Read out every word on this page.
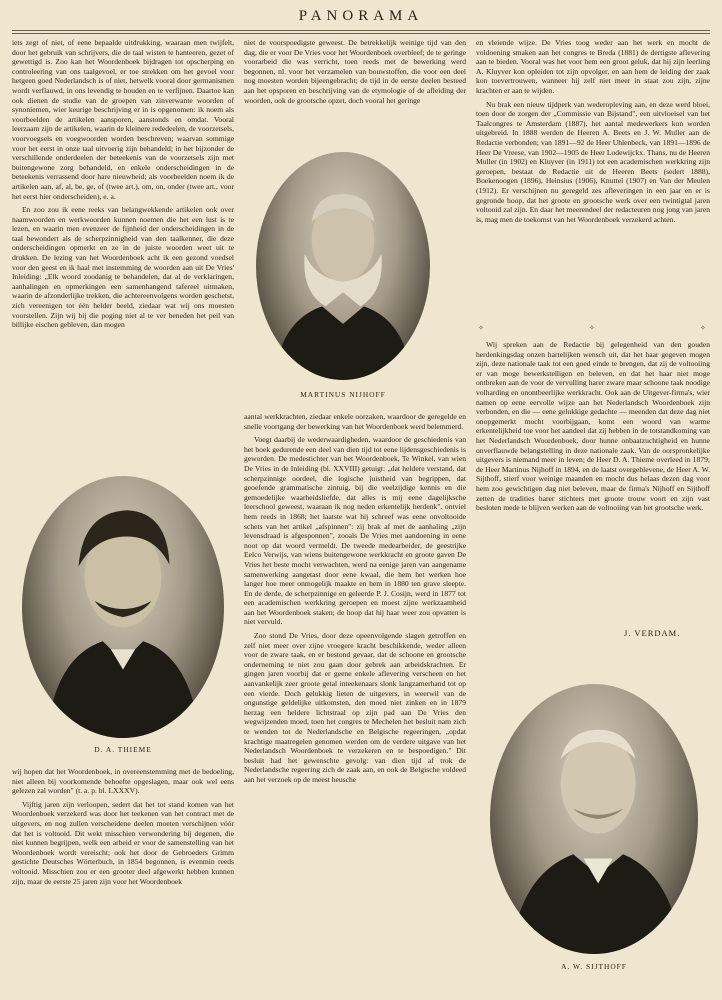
PANORAMA

iets zegt of niet, of eene bepaalde uitdrukking, waaraan men twijfelt, door het gebruik van schrijvers, die de taal wisten te hanteeren, gezet of gewettigd is. Zoo kan het Woordenboek bijdragen tot opscherping en controleering van ons taalgevoel, er toe strekken om het gevoel voor hetgeen goed Nederlandsch is of niet, hetwelk vooral door germanismen wordt verflauwd, in ons levendig te houden en te verfijnen. Daartoe kan ook dienen de studie van de groepen van zinverwante woorden of synoniemen, wier keurige beschrijving er in is opgenomen: ik noem als voorbeelden de artikelen aansporen, aanstonds en omdat. Vooral leerzaam zijn de artikelen, waarin de kleinere rededeelen, de voorzetsels, voorvoegsels en voegwoorden worden beschreven; waarvan sommige voor het eerst in onze taal uitvoerig zijn behandeld; in het bijzonder de verschillende onderdeelen der beteekenis van de voorzetsels zijn met buitengewone zorg behandeld, en enkele onderscheidingen in de beteekenis verrassend door hare nieuwheid; als voorbeelden noem ik de artikelen aan, af, al, be, ge, of (twee art.), om, on, onder (twee art., voor het eerst hier onderscheiden), e. a.

En zoo zou ik eene reeks van belangwekkende artikelen ook over naamwoorden en werkwoorden kunnen noemen die het een lust is te lezen, en waarin men evenzeer de fijnheid der onderscheidingen in de taal bewondert als de scherpzinnigheid van den taalkenner, die deze onderscheidingen opmerkt en ze in de juiste woorden weet uit te drukken. De lezing van het Woordenboek acht ik een gezond voedsel voor den geest en ik haal met instemming de woorden aan uit De Vries' Inleiding: „Elk woord zoodanig te behandelen, dat al de verklaringen, aanhalingen en opmerkingen een samenhangend tafereel uitmaken, waarin de afzonderlijke trekken, die achtereenvolgens worden geschetst, zich vereenigen tot één helder beeld, ziedaar wat wij ons moesten voorstellen. Zijn wij bij die poging niet al te ver beneden het peil van billijke eischen gebleven, dan mogen

D. A. THIEME

wij hopen dat het Woordenboek, in overeenstemming met de bedoeling, niet alleen bij voorkomende behoefte opgeslagen, maar ook wel eens gelezen zal worden" (t. a. p. bl. LXXXV).

Vijftig jaren zijn verloopen, sedert dat het tot stand komen van het Woordenboek verzekerd was door het teekenen van het contract met de uitgevers, en nog zullen verscheidene deelen moeten verschijnen vóór dat het is voltooid. Dit wekt misschien verwondering bij degenen, die niet kunnen begrijpen, welk een arbeid er voor de samenstelling van het Woordenboek wordt vereischt; ook het door de Gebroeders Grimm gestichte Deutsches Wörterbuch, in 1854 begonnen, is evenmin reeds voltooid. Misschien zou er een grooter deel afgewerkt hebben kunnen zijn, maar de eerste 25 jaren zijn voor het Woordenboek

niet de voorspoedigste geweest. De betrekkelijk weinige tijd van den dag, die er voor De Vries voor het Woordenboek overbleef; de te geringe voorarbeid die was verricht, toen reeds met de bewerking werd begonnen, nl. voor het verzamelen van bouwstoffen, die voor een deel nog moesten worden bijeengebracht; de tijd in de eerste deelen besteed aan het opsporen en beschrijving van de etymologie of de afleiding der woorden, ook de grootsche opzet, doch vooral het geringe

MARTINUS NIJHOFF

aantal werkkrachten, ziedaar enkele oorzaken, waardoor de geregelde en snelle voortgang der bewerking van het Woordenboek werd belemmerd.

Voegt daarbij de wederwaardigheden, waardoor de geschiedenis van het boek gedurende een deel van dien tijd tot eene lijdensgeschiedenis is geworden. De medestichter van het Woordenboek, Te Winkel, van wien De Vries in de Inleiding (bl. XXVIII) getuigt: „dat heldere verstand, dat scherpzinnige oordeel, die logische juistheid van begrippen, dat geoefende grammatische zintuig, bij die veelzijdige kennis en die gemoedelijke waarheidsliefde, dat alles is mij eene dagelijksche leerschool geweest, waaraan ik nog neden erkentelijk herdenk", ontviel hem reeds in 1868; het laatste wat hij schreef was eene onvoltooide schets van het artikel „afspinnen": zij brak af met de aanhaling „zijn levensdraad is afgesponnen", zooals De Vries met aandoening in eene noot op dat woord vermeldt. De tweede medearbeider, de geestrijke Eelco Verwijs, van wiens buitengewone werkkracht en groote gaven De Vries het beste mocht verwachten, werd na eenige jaren van aangename samenwerking aangetast door eene kwaal, die hem het werken hoe langer hoe meer onmogelijk maakte en hem in 1880 ten grave sleepte. En de derde, de scherpzinnige en geleerde P. J. Cosijn, werd in 1877 tot een academischen werkkring geroepen en moest zijne werkzaamheid aan het Woordenboek staken; de hoop dat hij haar weer zou opvatten is niet vervuld.

Zoo stond De Vries, door deze opeenvolgende slagen getroffen en zelf niet meer over zijne vroegere kracht beschikkende, weder alleen voor de zware taak, en er bestond gevaar, dat de schoone en grootsche onderneming te niet zou gaan door gebrek aan arbeidskrachten. Er gingen jaren voorbij dat er geene enkele aflevering verscheen en het aanvankelijk zeer groote getal inteekenaars slonk langzamerhand tot op een vierde. Doch gelukkig lieten de uitgevers, in weerwil van de ongunstige geldelijke uitkomsten, den moed niet zinken en in 1879 herzag een heldere lichtstraal op zijn pad aan De Vries den wegwijzenden moed, toen het congres te Mechelen het besluit nam zich te wenden tot de Nederlandsche en Belgische regeeringen, „opdat krachtige maatregelen genomen werden om de verdere uitgave van het Nederlandsch Woordenboek te verzekeren en te bespoedigen." Dit besluit had het gewenschte gevolg: van dien tijd af trok de Nederlandsche regeering zich de zaak aan, en ook de Belgische voldeed aan het verzoek op de meest heusche

en vleiende wijze. De Vries toog weder aan het werk en mocht de voldoening smaken aan het congres te Breda (1881) de dertigste aflevering aan te bieden. Vooral was het voor hem een groot geluk, dat hij zijn leerling A. Kluyver kon opleiden tot zijn opvolger, en aan hem de leiding der zaak kon toevertrouwen, wanneer hij zelf niet meer in staat zou zijn, zijne krachten er aan te wijden.

Nu brak een nieuw tijdperk van wederopleving aan, en deze werd bloei, toen door de zorgen der „Commissie van Bijstand", een uitvloeisel van het Taalcongres te Amsterdam (1887), het aantal medewerkers kon worden uitgebreid. In 1888 werden de Heeren A. Beets en J. W. Muller aan de Redactie verbonden; van 1891—92 de Heer Uhlenbeck, van 1891—1896 de Heer De Vreese, van 1902—1905 de Heer Lodewijckx. Thans, nu de Heeren Muller (in 1902) en Kluyver (in 1911) tot een academischen werkkring zijn geroepen, bestaat de Redactie uit de Heeren Beets (sedert 1888), Boekenoogen (1896), Heinsius (1906), Knuttel (1907) en Van der Meulen (1912). Er verschijnen nu geregeld zes afleveringen in een jaar en er is gegronde hoop, dat het groote en grootsche werk over een twintigtal jaren voltooid zal zijn. En daar het meerendeel der redacteuren nog jong van jaren is, mag men de toekomst van het Woordenboek verzekerd achten.

✧	✧	✧

Wij spreken aan de Redactie bij gelegenheid van den gouden herdenkingsdag onzen hartelijken wensch uit, dat het haar gegeven mogen zijn, deze nationale taak tot een goed einde te brengen, dat zij de voltooiing er van moge bewerkstelligen en beleven, en dat het haar niet moge ontbreken aan de voor de vervulling harer zware maar schoone taak noodige volharding en onontbeerlijke werkkracht. Ook aan de Uitgever-firma's, wier namen op eene eervolle wijze aan het Nederlandsch Woordenboek zijn verbonden, en die — eene gelukkige gedachte — meenden dat deze dag niet onopgemerkt mocht voorbijgaan, komt een woord van warme erkentelijkheid toe voor het aandeel dat zij hebben in de totstandkoming van het Nederlandsch Woordenboek, door hunne onbaatzuchtigheid en hunne onverflauwde belangstelling in deze nationale zaak. Van de oorspronkelijke uitgevers is niemand meer in leven; de Heer D. A. Thieme overleed in 1879; de Heer Martinus Nijhoff in 1894, en de laatst overgeblevene, de Heer A. W. Sijthoff, stierf voor weinige maanden en mocht dus helaas dezen dag voor hem zoo gewichtigen dag niet beleven, maar de firma's Nijhoff en Sijthoff zetten de tradities harer stichters met groote trouw voort en zijn vast besloten mede te blijven werken aan de voltooiing van het grootsche werk.

J. VERDAM.
A. W. SIJTHOFF
